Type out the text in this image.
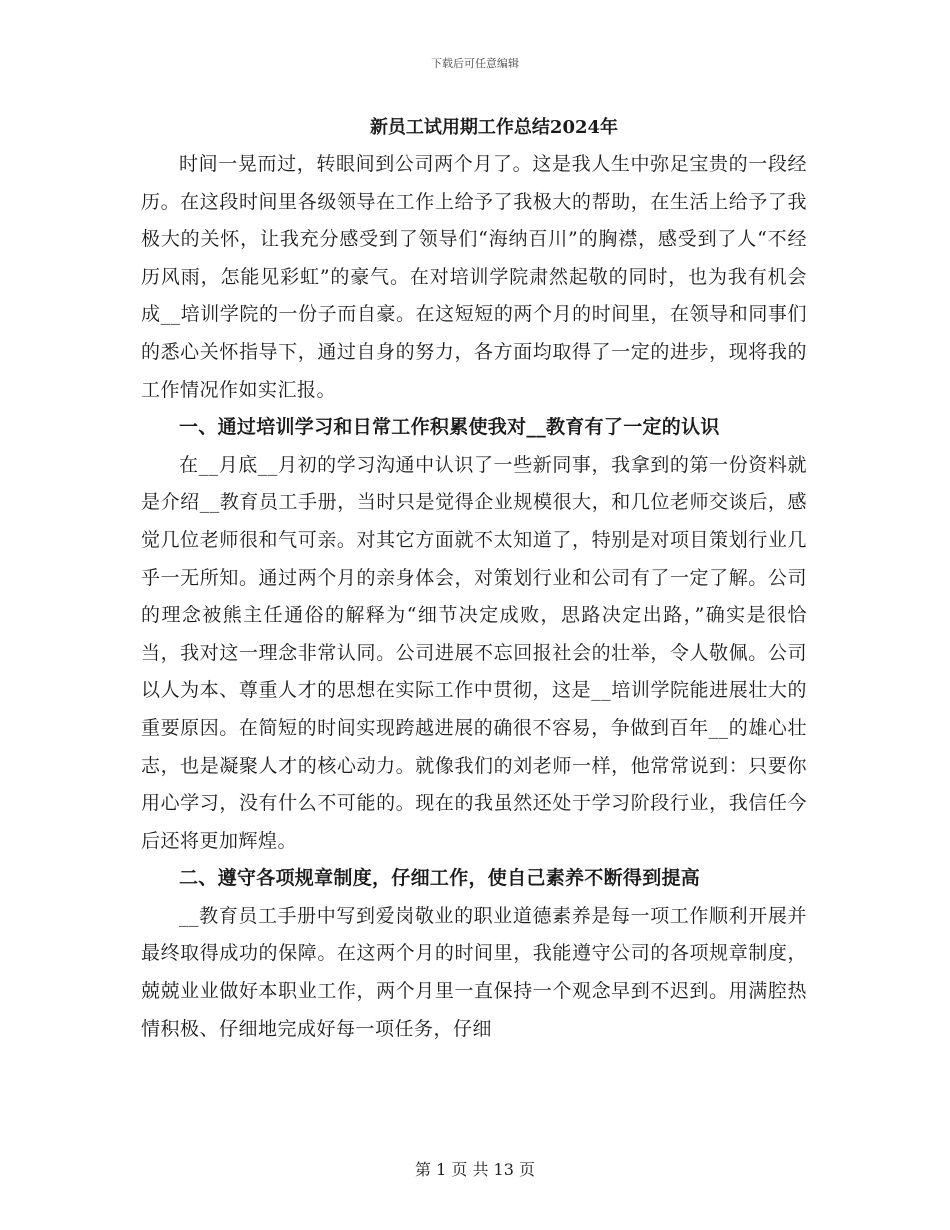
下载后可任意编辑
新员工试用期工作总结2024年

时间一晃而过，转眼间到公司两个月了。这是我人生中弥足宝贵的一段经历。在这段时间里各级领导在工作上给予了我极大的帮助，在生活上给予了我极大的关怀，让我充分感受到了领导们“海纳百川”的胸襟，感受到了人“不经历风雨，怎能见彩虹”的豪气。在对培训学院肃然起敬的同时，也为我有机会成__培训学院的一份子而自豪。在这短短的两个月的时间里，在领导和同事们的悉心关怀指导下，通过自身的努力，各方面均取得了一定的进步，现将我的工作情况作如实汇报。

一、通过培训学习和日常工作积累使我对__教育有了一定的认识

在__月底__月初的学习沟通中认识了一些新同事，我拿到的第一份资料就是介绍__教育员工手册，当时只是觉得企业规模很大，和几位老师交谈后，感觉几位老师很和气可亲。对其它方面就不太知道了，特别是对项目策划行业几乎一无所知。通过两个月的亲身体会，对策划行业和公司有了一定了解。公司的理念被熊主任通俗的解释为“细节决定成败，思路决定出路，”确实是很恰当，我对这一理念非常认同。公司进展不忘回报社会的壮举，令人敬佩。公司以人为本、尊重人才的思想在实际工作中贯彻，这是__培训学院能进展壮大的重要原因。在简短的时间实现跨越进展的确很不容易，争做到百年__的雄心壮志，也是凝聚人才的核心动力。就像我们的刘老师一样，他常常说到：只要你用心学习，没有什么不可能的。现在的我虽然还处于学习阶段行业，我信任今后还将更加辉煌。

二、遵守各项规章制度，仔细工作，使自己素养不断得到提高

__教育员工手册中写到爱岗敬业的职业道德素养是每一项工作顺利开展并最终取得成功的保障。在这两个月的时间里，我能遵守公司的各项规章制度，兢兢业业做好本职业工作，两个月里一直保持一个观念早到不迟到。用满腔热情积极、仔细地完成好每一项任务，仔细

第 1 页 共 13 页
